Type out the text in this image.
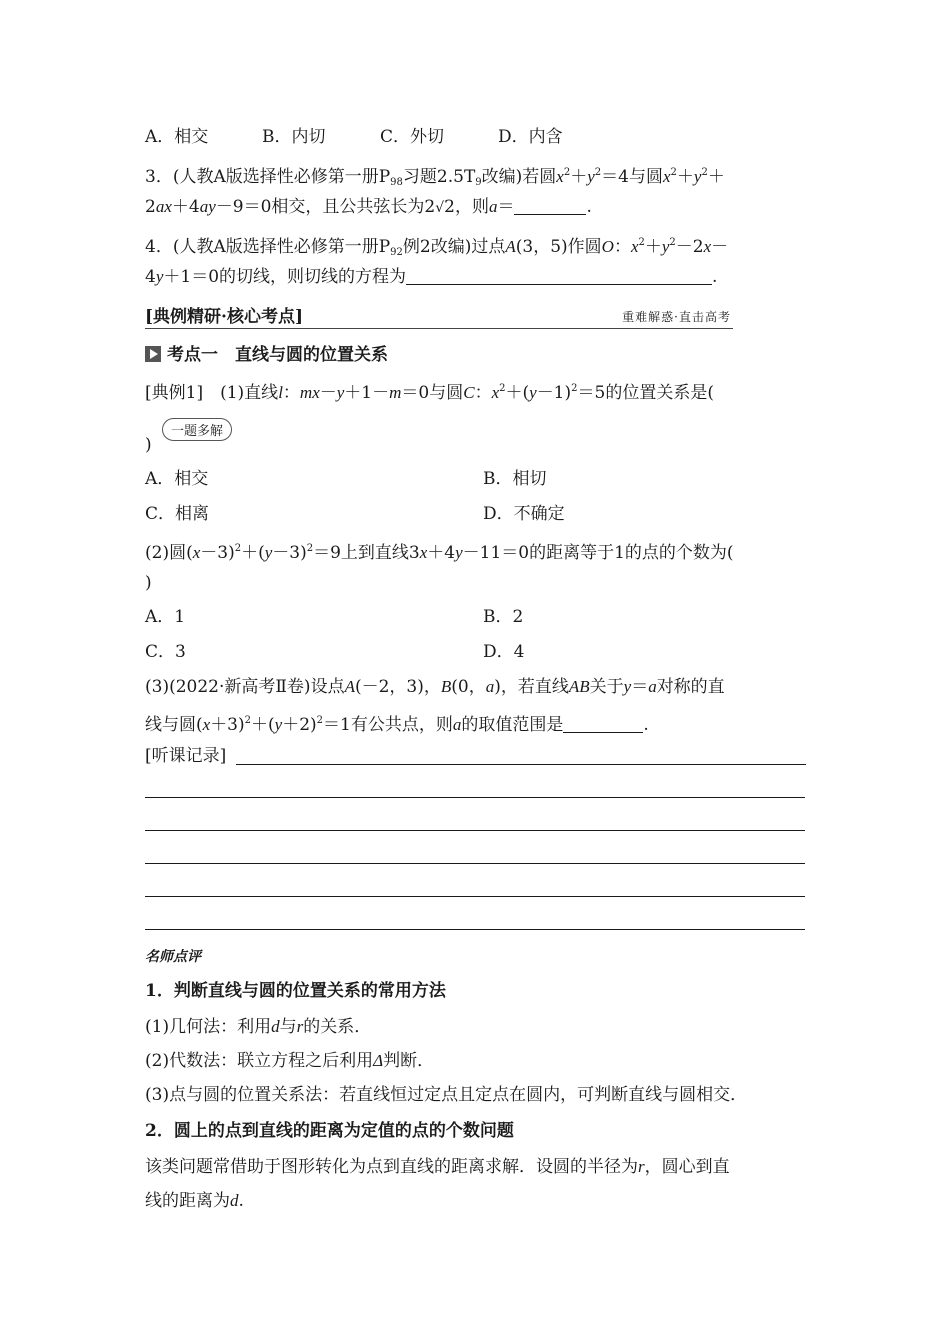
A．相交	B．内切	C．外切	D．内含
3．(人教A版选择性必修第一册$P_{98}$习题$2.5T_9$改编)若圆$x^2+y^2=4$与圆$x^2+y^2+$
2ax＋4ay－9＝0相交，且公共弦长为2√2，则a＝	.
4．(人教A版选择性必修第一册$P_{92}$例2改编)过点A(3，5)作圆O：$x^2+y^2-2x-$
4y＋1＝0的切线，则切线的方程为	.
[典例精研·核心考点]	重难解惑·直击高考
考点一　直线与圆的位置关系
[典例1]　(1)直线l：mx－y＋1－m＝0与圆C：$x^2+(y-1)^2=5$的位置关系是(
)
一题多解
A．相交	B．相切
C．相离	D．不确定
(2)圆$(x-3)^2+(y-3)^2=9$上到直线3x＋4y－11＝0的距离等于1的点的个数为(
)
A．1	B．2
C．3	D．4
(3)(2022·新高考Ⅱ卷)设点A(－2，3)，B(0，a)，若直线AB关于y＝a对称的直
线与圆$(x+3)^2+(y+2)^2=1$有公共点，则a的取值范围是	.
[听课记录]
名师点评
1．判断直线与圆的位置关系的常用方法
(1)几何法：利用d与r的关系．
(2)代数法：联立方程之后利用Δ判断．
(3)点与圆的位置关系法：若直线恒过定点且定点在圆内，可判断直线与圆相交．
2．圆上的点到直线的距离为定值的点的个数问题
该类问题常借助于图形转化为点到直线的距离求解．设圆的半径为r，圆心到直
线的距离为d.
